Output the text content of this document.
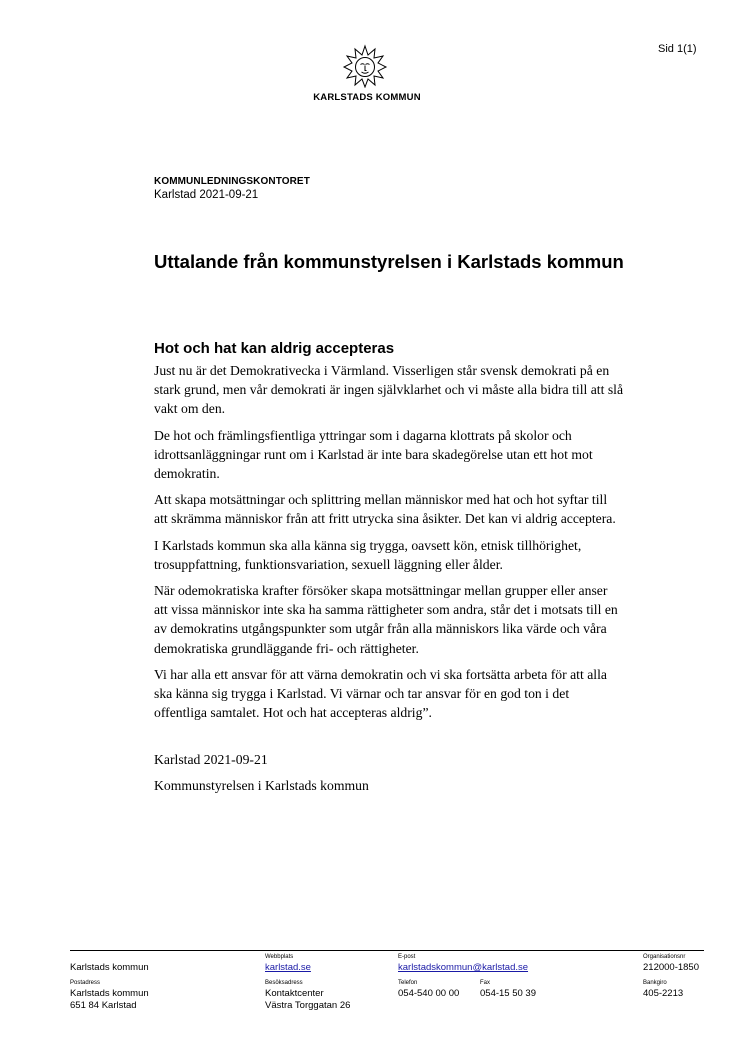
Sid 1(1)
KARLSTADS KOMMUN
KOMMUNLEDNINGSKONTORET
Karlstad 2021-09-21
Uttalande från kommunstyrelsen i Karlstads kommun
Hot och hat kan aldrig accepteras

Just nu är det Demokrativecka i Värmland. Visserligen står svensk demokrati på en stark grund, men vår demokrati är ingen självklarhet och vi måste alla bidra till att slå vakt om den.

De hot och främlingsfientliga yttringar som i dagarna klottrats på skolor och idrottsanläggningar runt om i Karlstad är inte bara skadegörelse utan ett hot mot demokratin.

Att skapa motsättningar och splittring mellan människor med hat och hot syftar till att skrämma människor från att fritt utrycka sina åsikter. Det kan vi aldrig acceptera.

I Karlstads kommun ska alla känna sig trygga, oavsett kön, etnisk tillhörighet, trosuppfattning, funktionsvariation, sexuell läggning eller ålder.

När odemokratiska krafter försöker skapa motsättningar mellan grupper eller anser att vissa människor inte ska ha samma rättigheter som andra, står det i motsats till en av demokratins utgångspunkter som utgår från alla människors lika värde och våra demokratiska grundläggande fri- och rättigheter.

Vi har alla ett ansvar för att värna demokratin och vi ska fortsätta arbeta för att alla ska känna sig trygga i Karlstad. Vi värnar och tar ansvar för en god ton i det offentliga samtalet. Hot och hat accepteras aldrig”.

Karlstad 2021-09-21
Kommunstyrelsen i Karlstads kommun
Karlstads kommun
Webbplats
karlstad.se
E-post
karlstadskommun@karlstad.se
Organisationsnr
212000-1850
Postadress
Karlstads kommun
651 84 Karlstad
Besöksadress
Kontaktcenter
Västra Torggatan 26
Telefon
054-540 00 00
Fax
054-15 50 39
Bankgiro
405-2213
